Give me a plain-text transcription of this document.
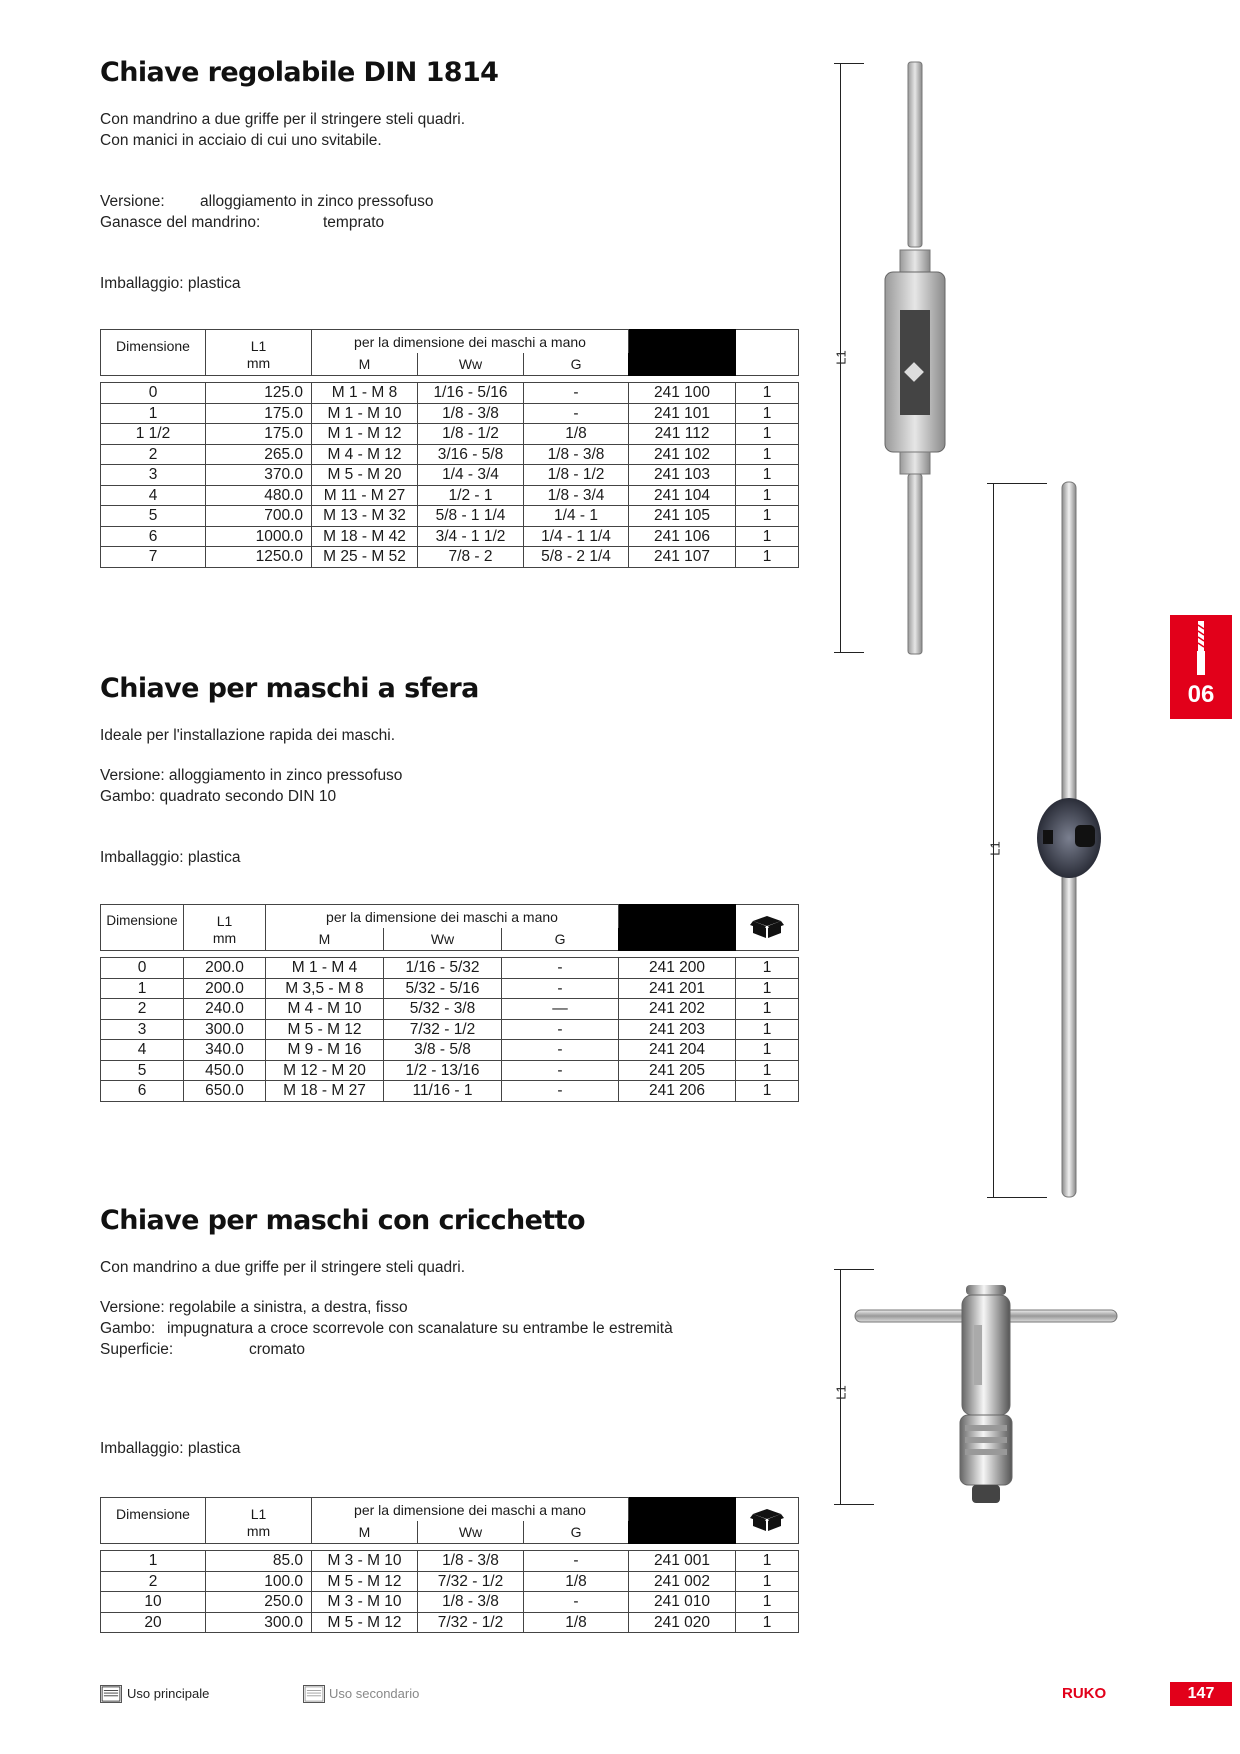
Chiave regolabile DIN 1814
Con mandrino a due griffe per il stringere steli quadri.
Con manici in acciaio di cui uno svitabile.
Versione: alloggiamento in zinco pressofuso
Ganasce del mandrino:	temprato
Imballaggio: plastica
Dimensione	L1
mm	per la dimensione dei maschi a mano				
		M	Ww	G		

0	125.0	M 1 - M 8	1/16 - 5/16	-	241 100	1
1	175.0	M 1 - M 10	1/8 - 3/8	-	241 101	1
1 1/2	175.0	M 1 - M 12	1/8 - 1/2	1/8	241 112	1
2	265.0	M 4 - M 12	3/16 - 5/8	1/8 - 3/8	241 102	1
3	370.0	M 5 - M 20	1/4 - 3/4	1/8 - 1/2	241 103	1
4	480.0	M 11 - M 27	1/2 - 1	1/8 - 3/4	241 104	1
5	700.0	M 13 - M 32	5/8 - 1 1/4	1/4 - 1	241 105	1
6	1000.0	M 18 - M 42	3/4 - 1 1/2	1/4 - 1 1/4	241 106	1
7	1250.0	M 25 - M 52	7/8 - 2	5/8 - 2 1/4	241 107	1
Chiave per maschi a sfera
Ideale per l'installazione rapida dei maschi.
Versione: alloggiamento in zinco pressofuso
Gambo: quadrato secondo DIN 10
Imballaggio: plastica
Dimensione	L1
mm	per la dimensione dei maschi a mano		
		M	Ww	G		

0	200.0	M 1 - M 4	1/16 - 5/32	-	241 200	1
1	200.0	M 3,5 - M 8	5/32 - 5/16	-	241 201	1
2	240.0	M 4 - M 10	5/32 - 3/8	—	241 202	1
3	300.0	M 5 - M 12	7/32 - 1/2	-	241 203	1
4	340.0	M 9 - M 16	3/8 - 5/8	-	241 204	1
5	450.0	M 12 - M 20	1/2 - 13/16	-	241 205	1
6	650.0	M 18 - M 27	11/16 - 1	-	241 206	1
Chiave per maschi con cricchetto
Con mandrino a due griffe per il stringere steli quadri.
Versione: regolabile a sinistra, a destra, fisso
Gambo: impugnatura a croce scorrevole con scanalature su entrambe le estremità
Superficie:	cromato
Imballaggio: plastica
Dimensione	L1
mm	per la dimensione dei maschi a mano		
		M	Ww	G		

1	85.0	M 3 - M 10	1/8 - 3/8	-	241 001	1
2	100.0	M 5 - M 12	7/32 - 1/2	1/8	241 002	1
10	250.0	M 3 - M 10	1/8 - 3/8	-	241 010	1
20	300.0	M 5 - M 12	7/32 - 1/2	1/8	241 020	1
L1
L1
L1
06
Uso principale	Uso secondario	RUKO	147
